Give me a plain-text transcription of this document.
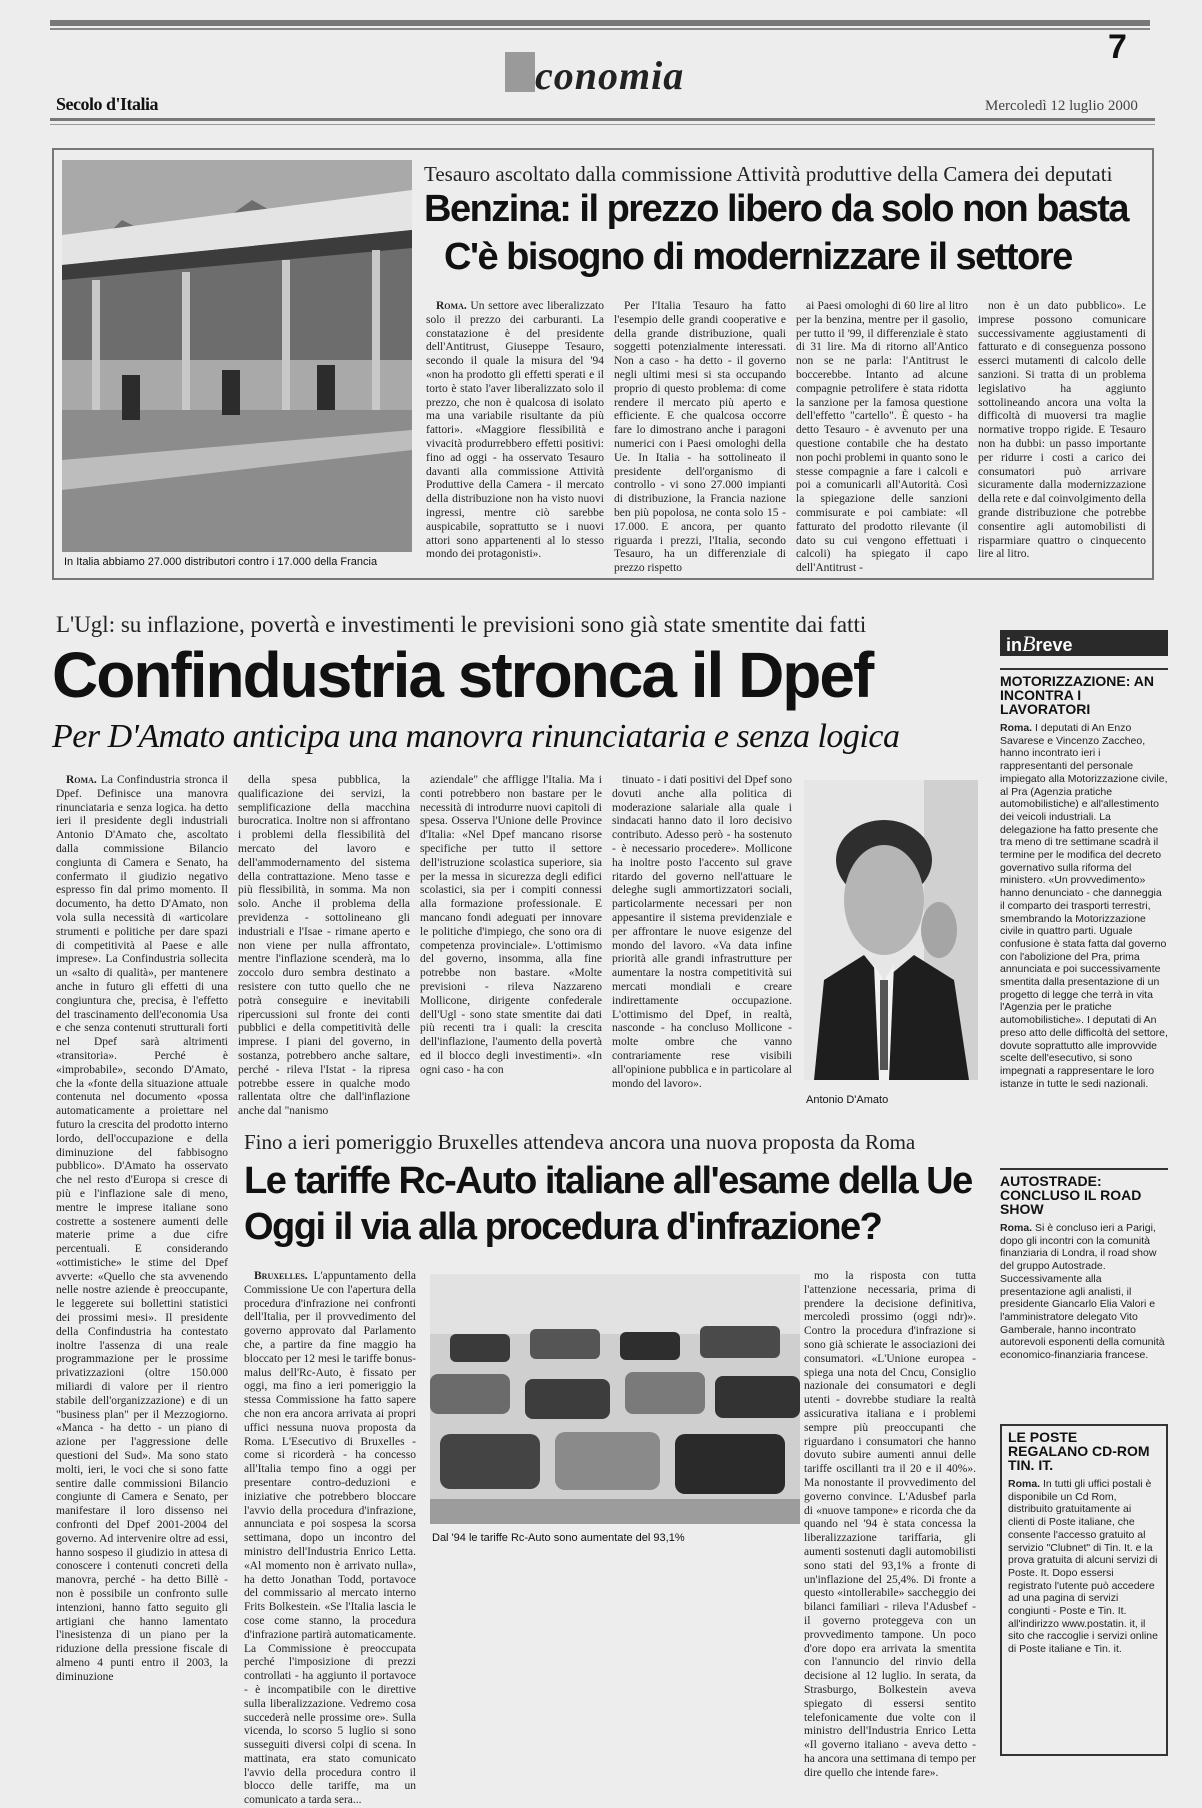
E
conomia
7
Secolo d'Italia	Mercoledì 12 luglio 2000
In Italia abbiamo 27.000 distributori contro i 17.000 della Francia
Tesauro ascoltato dalla commissione Attività produttive della Camera dei deputati
Benzina: il prezzo libero da solo non basta
C'è bisogno di modernizzare il settore

Roma. Un settore avec liberalizzato solo il prezzo dei carburanti. La constatazione è del presidente dell'Antitrust, Giuseppe Tesauro, secondo il quale la misura del '94 «non ha prodotto gli effetti sperati e il torto è stato l'aver liberalizzato solo il prezzo, che non è qualcosa di isolato ma una variabile risultante da più fattori». «Maggiore flessibilità e vivacità produrrebbero effetti positivi: fino ad oggi - ha osservato Tesauro davanti alla commissione Attività Produttive della Camera - il mercato della distribuzione non ha visto nuovi ingressi, mentre ciò sarebbe auspicabile, soprattutto se i nuovi attori sono appartenenti al lo stesso mondo dei protagonisti».

Per l'Italia Tesauro ha fatto l'esempio delle grandi cooperative e della grande distribuzione, quali soggetti potenzialmente interessati. Non a caso - ha detto - il governo negli ultimi mesi si sta occupando proprio di questo problema: di come rendere il mercato più aperto e efficiente. E che qualcosa occorre fare lo dimostrano anche i paragoni numerici con i Paesi omologhi della Ue. In Italia - ha sottolineato il presidente dell'organismo di controllo - vi sono 27.000 impianti di distribuzione, la Francia nazione ben più popolosa, ne conta solo 15 - 17.000. E ancora, per quanto riguarda i prezzi, l'Italia, secondo Tesauro, ha un differenziale di prezzo rispetto

ai Paesi omologhi di 60 lire al litro per la benzina, mentre per il gasolio, per tutto il '99, il differenziale è stato di 31 lire. Ma di ritorno all'Antico non se ne parla: l'Antitrust le boccerebbe. Intanto ad alcune compagnie petrolifere è stata ridotta la sanzione per la famosa questione dell'effetto "cartello". È questo - ha detto Tesauro - è avvenuto per una questione contabile che ha destato non pochi problemi in quanto sono le stesse compagnie a fare i calcoli e poi a comunicarli all'Autorità. Così la spiegazione delle sanzioni commisurate e poi cambiate: «Il fatturato del prodotto rilevante (il dato su cui vengono effettuati i calcoli) ha spiegato il capo dell'Antitrust -

non è un dato pubblico». Le imprese possono comunicare successivamente aggiustamenti di fatturato e di conseguenza possono esserci mutamenti di calcolo delle sanzioni. Si tratta di un problema legislativo ha aggiunto sottolineando ancora una volta la difficoltà di muoversi tra maglie normative troppo rigide. E Tesauro non ha dubbi: un passo importante per ridurre i costi a carico dei consumatori può arrivare sicuramente dalla modernizzazione della rete e dal coinvolgimento della grande distribuzione che potrebbe consentire agli automobilisti di risparmiare quattro o cinquecento lire al litro.

L'Ugl: su inflazione, povertà e investimenti le previsioni sono già state smentite dai fatti
Confindustria stronca il Dpef
Per D'Amato anticipa una manovra rinunciataria e senza logica

Roma. La Confindustria stronca il Dpef. Definisce una manovra rinunciataria e senza logica. ha detto ieri il presidente degli industriali Antonio D'Amato che, ascoltato dalla commissione Bilancio congiunta di Camera e Senato, ha confermato il giudizio negativo espresso fin dal primo momento. Il documento, ha detto D'Amato, non vola sulla necessità di «articolare strumenti e politiche per dare spazi di competitività al Paese e alle imprese». La Confindustria sollecita un «salto di qualità», per mantenere anche in futuro gli effetti di una congiuntura che, precisa, è l'effetto del trascinamento dell'economia Usa e che senza contenuti strutturali forti nel Dpef sarà altrimenti «transitoria». Perché è «improbabile», secondo D'Amato, che la «fonte della situazione attuale contenuta nel documento «possa automaticamente a proiettare nel futuro la crescita del prodotto interno lordo, dell'occupazione e della diminuzione del fabbisogno pubblico». D'Amato ha osservato che nel resto d'Europa si cresce di più e l'inflazione sale di meno, mentre le imprese italiane sono costrette a sostenere aumenti delle materie prime a due cifre percentuali. E considerando «ottimistiche» le stime del Dpef avverte: «Quello che sta avvenendo nelle nostre aziende è preoccupante, le leggerete sui bollettini statistici dei prossimi mesi». Il presidente della Confindustria ha contestato inoltre l'assenza di una reale programmazione per le prossime privatizzazioni (oltre 150.000 miliardi di valore per il rientro stabile dell'organizzazione) e di un "business plan" per il Mezzogiorno. «Manca - ha detto - un piano di azione per l'aggressione delle questioni del Sud». Ma sono stato molti, ieri, le voci che si sono fatte sentire dalle commissioni Bilancio congiunte di Camera e Senato, per manifestare il loro dissenso nei confronti del Dpef 2001-2004 del governo. Ad intervenire oltre ad essi, hanno sospeso il giudizio in attesa di conoscere i contenuti concreti della manovra, perché - ha detto Billè - non è possibile un confronto sulle intenzioni, hanno fatto seguito gli artigiani che hanno lamentato l'inesistenza di un piano per la riduzione della pressione fiscale di almeno 4 punti entro il 2003, la diminuzione

della spesa pubblica, la qualificazione dei servizi, la semplificazione della macchina burocratica. Inoltre non si affrontano i problemi della flessibilità del mercato del lavoro e dell'ammodernamento del sistema della contrattazione. Meno tasse e più flessibilità, in somma. Ma non solo. Anche il problema della previdenza - sottolineano gli industriali e l'Isae - rimane aperto e non viene per nulla affrontato, mentre l'inflazione scenderà, ma lo zoccolo duro sembra destinato a resistere con tutto quello che ne potrà conseguire e inevitabili ripercussioni sul fronte dei conti pubblici e della competitività delle imprese. I piani del governo, in sostanza, potrebbero anche saltare, perché - rileva l'Istat - la ripresa potrebbe essere in qualche modo rallentata oltre che dall'inflazione anche dal "nanismo

aziendale" che affligge l'Italia. Ma i conti potrebbero non bastare per le necessità di introdurre nuovi capitoli di spesa. Osserva l'Unione delle Province d'Italia: «Nel Dpef mancano risorse specifiche per tutto il settore dell'istruzione scolastica superiore, sia per la messa in sicurezza degli edifici scolastici, sia per i compiti connessi alla formazione professionale. E mancano fondi adeguati per innovare le politiche d'impiego, che sono ora di competenza provinciale». L'ottimismo del governo, insomma, alla fine potrebbe non bastare. «Molte previsioni - rileva Nazzareno Mollicone, dirigente confederale dell'Ugl - sono state smentite dai dati più recenti tra i quali: la crescita dell'inflazione, l'aumento della povertà ed il blocco degli investimenti». «In ogni caso - ha con

tinuato - i dati positivi del Dpef sono dovuti anche alla politica di moderazione salariale alla quale i sindacati hanno dato il loro decisivo contributo. Adesso però - ha sostenuto - è necessario procedere». Mollicone ha inoltre posto l'accento sul grave ritardo del governo nell'attuare le deleghe sugli ammortizzatori sociali, particolarmente necessari per non appesantire il sistema previdenziale e per affrontare le nuove esigenze del mondo del lavoro. «Va data infine priorità alle grandi infrastrutture per aumentare la nostra competitività sui mercati mondiali e creare indirettamente occupazione. L'ottimismo del Dpef, in realtà, nasconde - ha concluso Mollicone - molte ombre che vanno contrariamente rese visibili all'opinione pubblica e in particolare al mondo del lavoro».

Antonio D'Amato
Fino a ieri pomeriggio Bruxelles attendeva ancora una nuova proposta da Roma
Le tariffe Rc-Auto italiane all'esame della Ue
Oggi il via alla procedura d'infrazione?

Bruxelles. L'appuntamento della Commissione Ue con l'apertura della procedura d'infrazione nei confronti dell'Italia, per il provvedimento del governo approvato dal Parlamento che, a partire da fine maggio ha bloccato per 12 mesi le tariffe bonus-malus dell'Rc-Auto, è fissato per oggi, ma fino a ieri pomeriggio la stessa Commissione ha fatto sapere che non era ancora arrivata ai propri uffici nessuna nuova proposta da Roma. L'Esecutivo di Bruxelles - come si ricorderà - ha concesso all'Italia tempo fino a oggi per presentare contro-deduzioni e iniziative che potrebbero bloccare l'avvio della procedura d'infrazione, annunciata e poi sospesa la scorsa settimana, dopo un incontro del ministro dell'Industria Enrico Letta. «Al momento non è arrivato nulla», ha detto Jonathan Todd, portavoce del commissario al mercato interno Frits Bolkestein. «Se l'Italia lascia le cose come stanno, la procedura d'infrazione partirà automaticamente. La Commissione è preoccupata perché l'imposizione di prezzi controllati - ha aggiunto il portavoce - è incompatibile con le direttive sulla liberalizzazione. Vedremo cosa succederà nelle prossime ore». Sulla vicenda, lo scorso 5 luglio si sono susseguiti diversi colpi di scena. In mattinata, era stato comunicato l'avvio della procedura contro il blocco delle tariffe, ma un comunicato a tarda sera...

Dal '94 le tariffe Rc-Auto sono aumentate del 93,1%

mo la risposta con tutta l'attenzione necessaria, prima di prendere la decisione definitiva, mercoledì prossimo (oggi ndr)». Contro la procedura d'infrazione si sono già schierate le associazioni dei consumatori. «L'Unione europea - spiega una nota del Cncu, Consiglio nazionale dei consumatori e degli utenti - dovrebbe studiare la realtà assicurativa italiana e i problemi sempre più preoccupanti che riguardano i consumatori che hanno dovuto subire aumenti annui delle tariffe oscillanti tra il 20 e il 40%». Ma nonostante il provvedimento del governo convince. L'Adusbef parla di «nuove tampone» e ricorda che da quando nel '94 è stata concessa la liberalizzazione tariffaria, gli aumenti sostenuti dagli automobilisti sono stati del 93,1% a fronte di un'inflazione del 25,4%. Di fronte a questo «intollerabile» saccheggio dei bilanci familiari - rileva l'Adusbef - il governo proteggeva con un provvedimento tampone. Un poco d'ore dopo era arrivata la smentita con l'annuncio del rinvio della decisione al 12 luglio. In serata, da Strasburgo, Bolkestein aveva spiegato di essersi sentito telefonicamente due volte con il ministro dell'Industria Enrico Letta «Il governo italiano - aveva detto - ha ancora una settimana di tempo per dire quello che intende fare».

inBreve
MOTORIZZAZIONE: AN INCONTRA I LAVORATORI
Roma. I deputati di An Enzo Savarese e Vincenzo Zaccheo, hanno incontrato ieri i rappresentanti del personale impiegato alla Motorizzazione civile, al Pra (Agenzia pratiche automobilistiche) e all'allestimento dei veicoli industriali. La delegazione ha fatto presente che tra meno di tre settimane scadrà il termine per le modifica del decreto governativo sulla riforma del ministero. «Un provvedimento» hanno denunciato - che danneggia il comparto dei trasporti terrestri, smembrando la Motorizzazione civile in quattro parti. Uguale confusione è stata fatta dal governo con l'abolizione del Pra, prima annunciata e poi successivamente smentita dalla presentazione di un progetto di legge che terrà in vita l'Agenzia per le pratiche automobilistiche». I deputati di An preso atto delle difficoltà del settore, dovute soprattutto alle improvvide scelte dell'esecutivo, si sono impegnati a rappresentare le loro istanze in tutte le sedi nazionali.
AUTOSTRADE: CONCLUSO IL ROAD SHOW
Roma. Si è concluso ieri a Parigi, dopo gli incontri con la comunità finanziaria di Londra, il road show del gruppo Autostrade. Successivamente alla presentazione agli analisti, il presidente Giancarlo Elia Valori e l'amministratore delegato Vito Gamberale, hanno incontrato autorevoli esponenti della comunità economico-finanziaria francese.
LE POSTE REGALANO CD-ROM TIN. IT.
Roma. In tutti gli uffici postali è disponibile un Cd Rom, distribuito gratuitamente ai clienti di Poste italiane, che consente l'accesso gratuito al servizio "Clubnet" di Tin. It. e la prova gratuita di alcuni servizi di Poste. It. Dopo essersi registrato l'utente può accedere ad una pagina di servizi congiunti - Poste e Tin. It. all'indirizzo www.postatin. it, il sito che raccoglie i servizi online di Poste italiane e Tin. it.
